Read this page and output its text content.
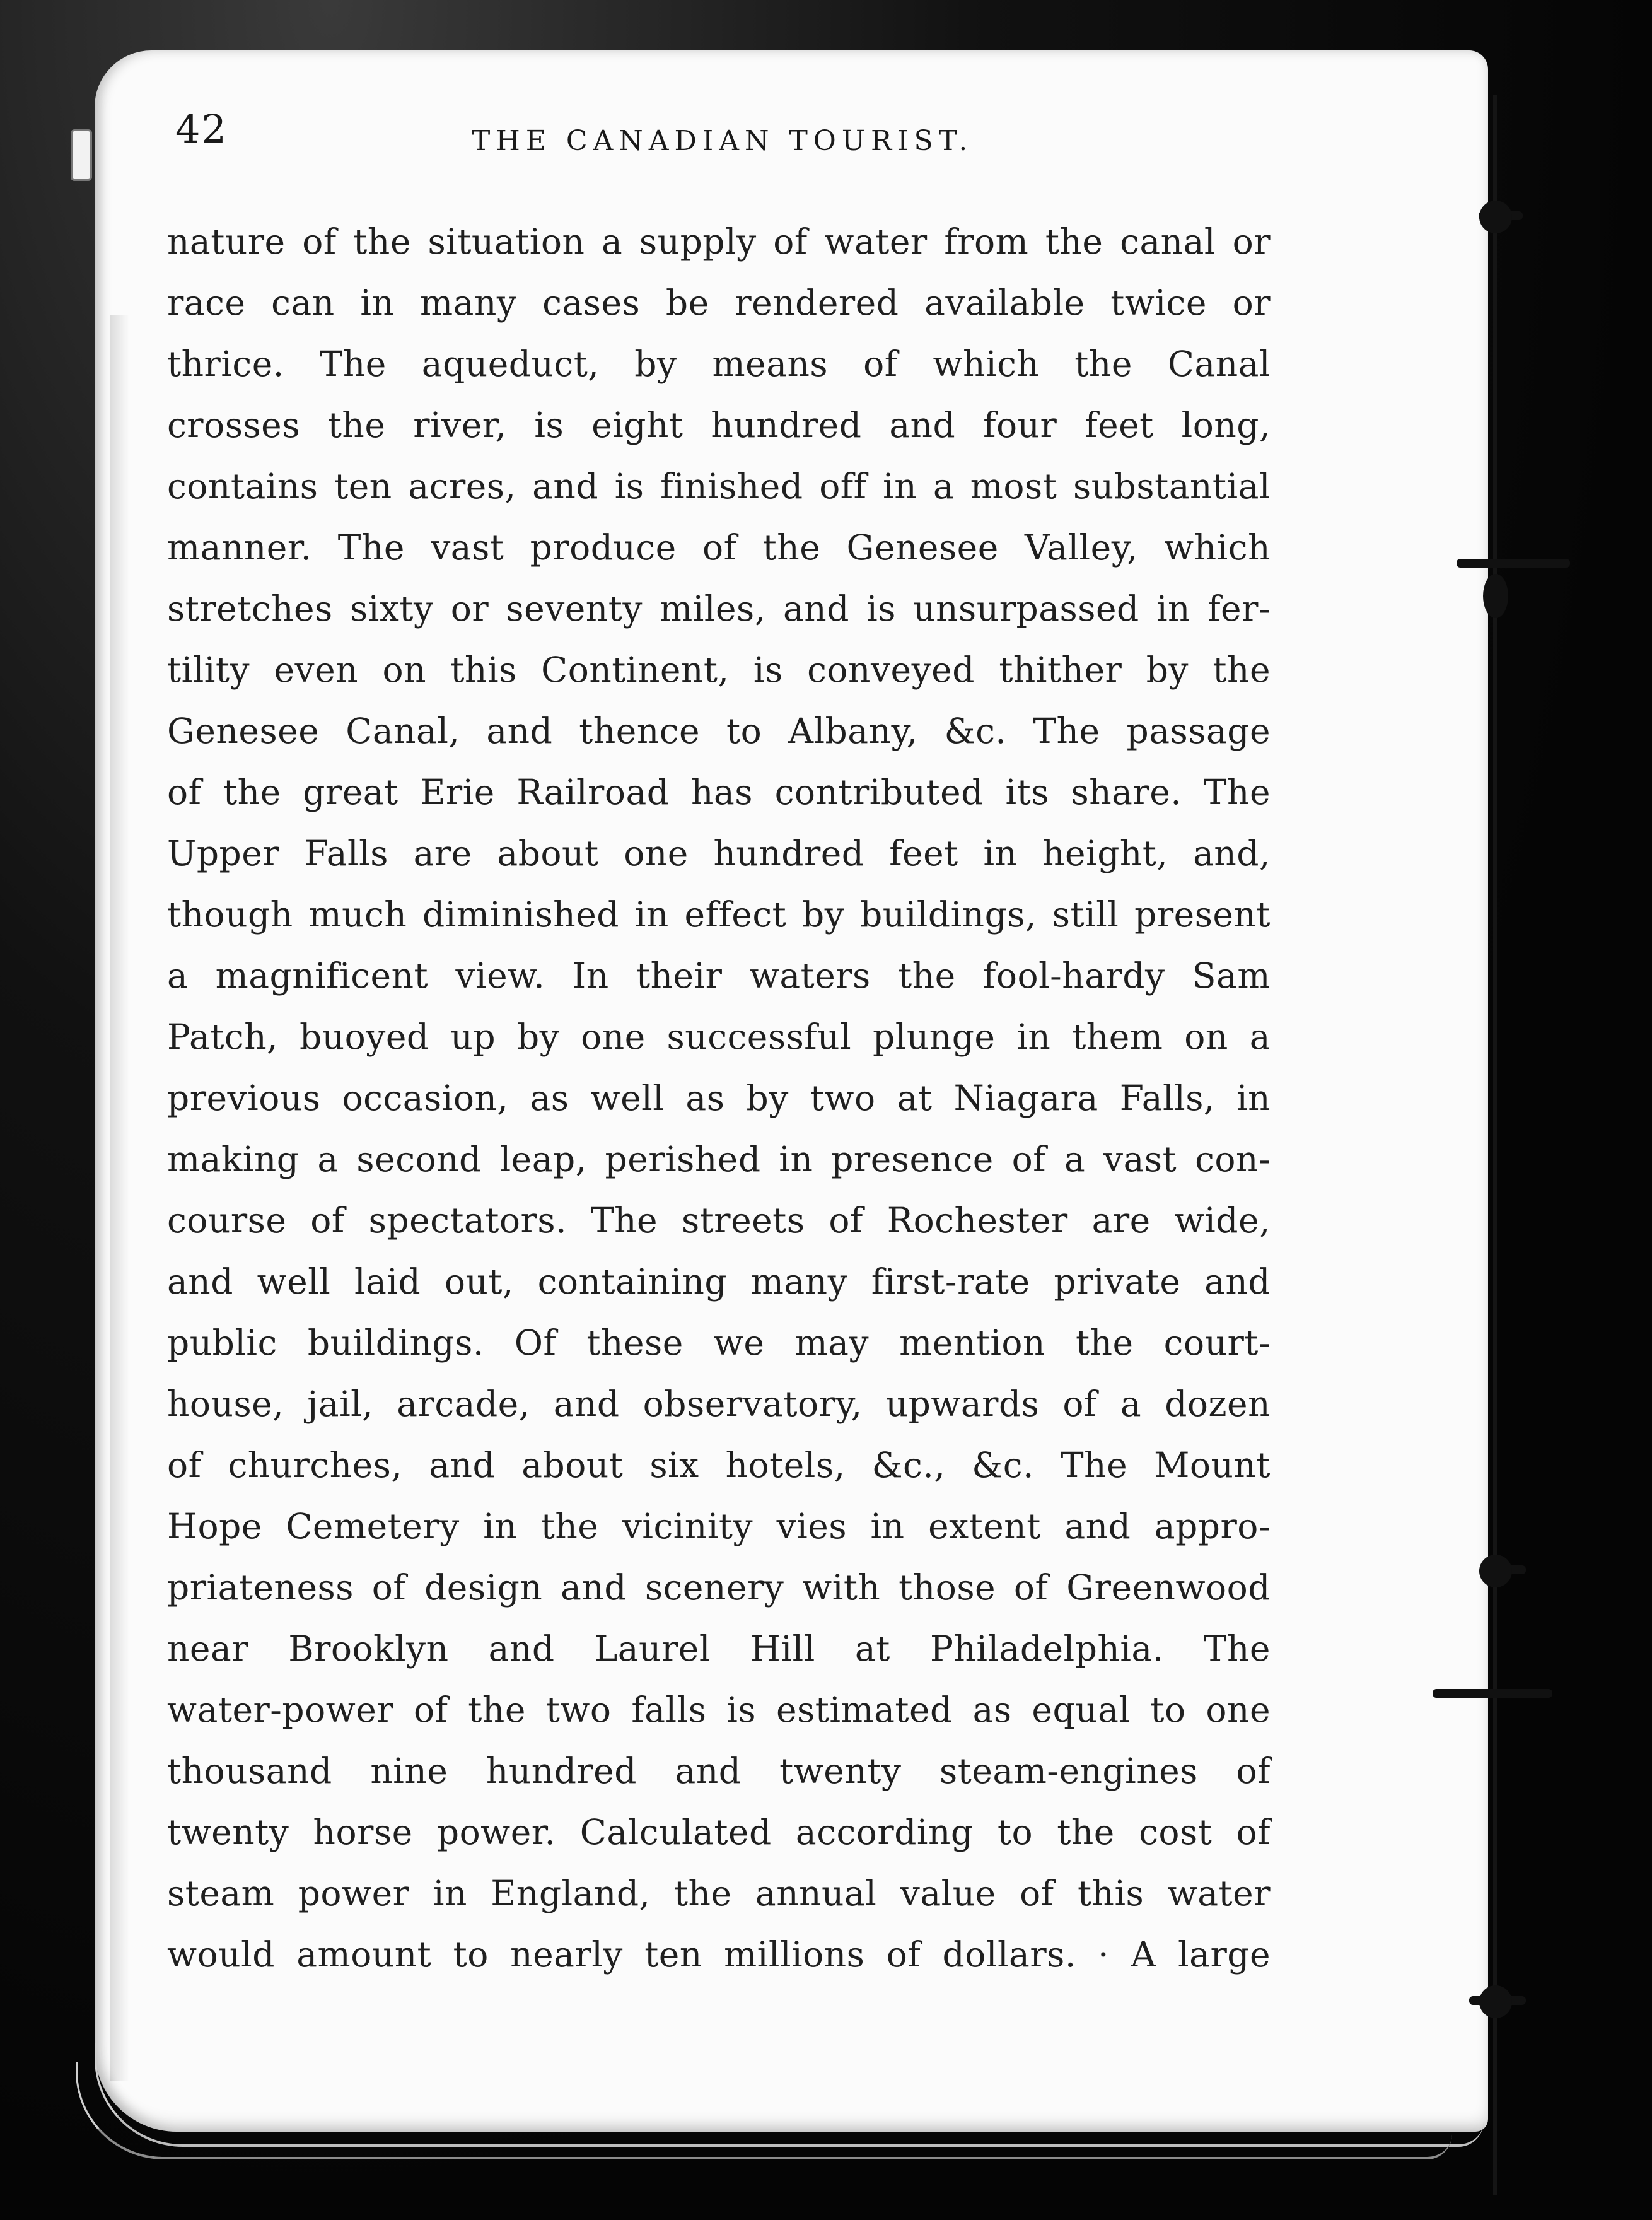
42	THE CANADIAN TOURIST.
nature of the situation a supply of water from the canal or
race can in many cases be rendered available twice or
thrice. The aqueduct, by means of which the Canal
crosses the river, is eight hundred and four feet long,
contains ten acres, and is finished off in a most substantial
manner. The vast produce of the Genesee Valley, which
stretches sixty or seventy miles, and is unsurpassed in fer-
tility even on this Continent, is conveyed thither by the
Genesee Canal, and thence to Albany, &c. The passage
of the great Erie Railroad has contributed its share. The
Upper Falls are about one hundred feet in height, and,
though much diminished in effect by buildings, still present
a magnificent view. In their waters the fool-hardy Sam
Patch, buoyed up by one successful plunge in them on a
previous occasion, as well as by two at Niagara Falls, in
making a second leap, perished in presence of a vast con-
course of spectators. The streets of Rochester are wide,
and well laid out, containing many first-rate private and
public buildings. Of these we may mention the court-
house, jail, arcade, and observatory, upwards of a dozen
of churches, and about six hotels, &c., &c. The Mount
Hope Cemetery in the vicinity vies in extent and appro-
priateness of design and scenery with those of Greenwood
near Brooklyn and Laurel Hill at Philadelphia. The
water-power of the two falls is estimated as equal to one
thousand nine hundred and twenty steam-engines of
twenty horse power. Calculated according to the cost of
steam power in England, the annual value of this water
would amount to nearly ten millions of dollars. · A large
